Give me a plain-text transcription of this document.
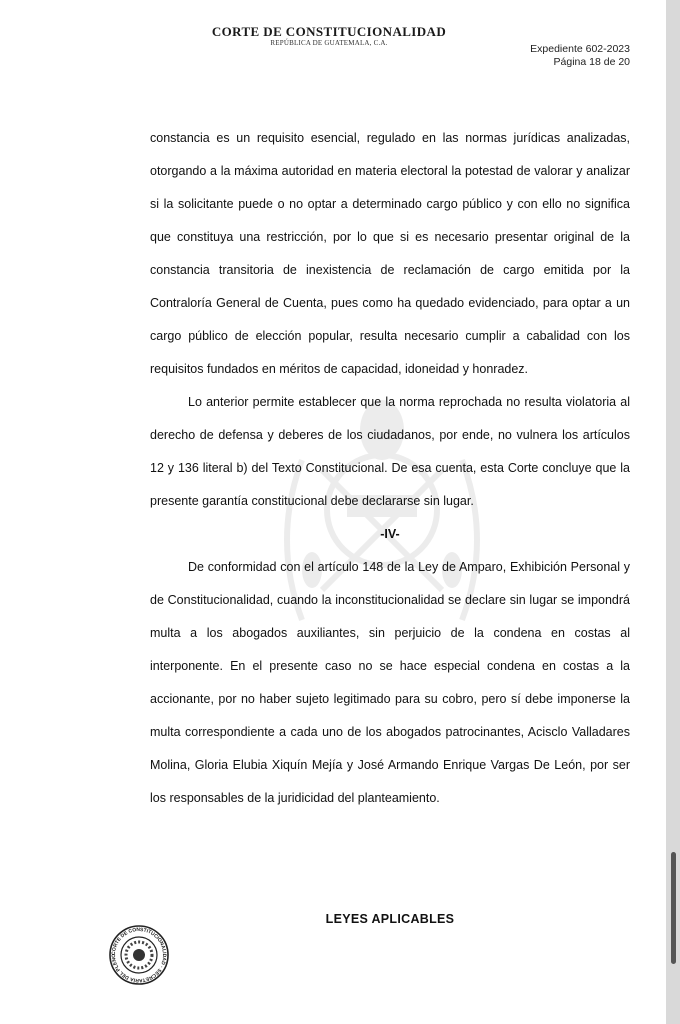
CORTE DE CONSTITUCIONALIDAD
REPÚBLICA DE GUATEMALA, C.A.	Expediente 602-2023
Página 18 de 20

constancia es un requisito esencial, regulado en las normas jurídicas analizadas, otorgando a la máxima autoridad en materia electoral la potestad de valorar y analizar si la solicitante puede o no optar a determinado cargo público y con ello no significa que constituya una restricción, por lo que si es necesario presentar original de la constancia transitoria de inexistencia de reclamación de cargo emitida por la Contraloría General de Cuenta, pues como ha quedado evidenciado, para optar a un cargo público de elección popular, resulta necesario cumplir a cabalidad con los requisitos fundados en méritos de capacidad, idoneidad y honradez.

Lo anterior permite establecer que la norma reprochada no resulta violatoria al derecho de defensa y deberes de los ciudadanos, por ende, no vulnera los artículos 12 y 136 literal b) del Texto Constitucional. De esa cuenta, esta Corte concluye que la presente garantía constitucional debe declararse sin lugar.

-IV-

De conformidad con el artículo 148 de la Ley de Amparo, Exhibición Personal y de Constitucionalidad, cuando la inconstitucionalidad se declare sin lugar se impondrá multa a los abogados auxiliantes, sin perjuicio de la condena en costas al interponente. En el presente caso no se hace especial condena en costas a la accionante, por no haber sujeto legitimado para su cobro, pero sí debe imponerse la multa correspondiente a cada uno de los abogados patrocinantes, Acisclo Valladares Molina, Gloria Elubia Xiquín Mejía y José Armando Enrique Vargas De León, por ser los responsables de la juridicidad del planteamiento.

LEYES APLICABLES
CORTE DE CONSTITUCIONALIDAD · SECRETARÍA DEL PLENO
